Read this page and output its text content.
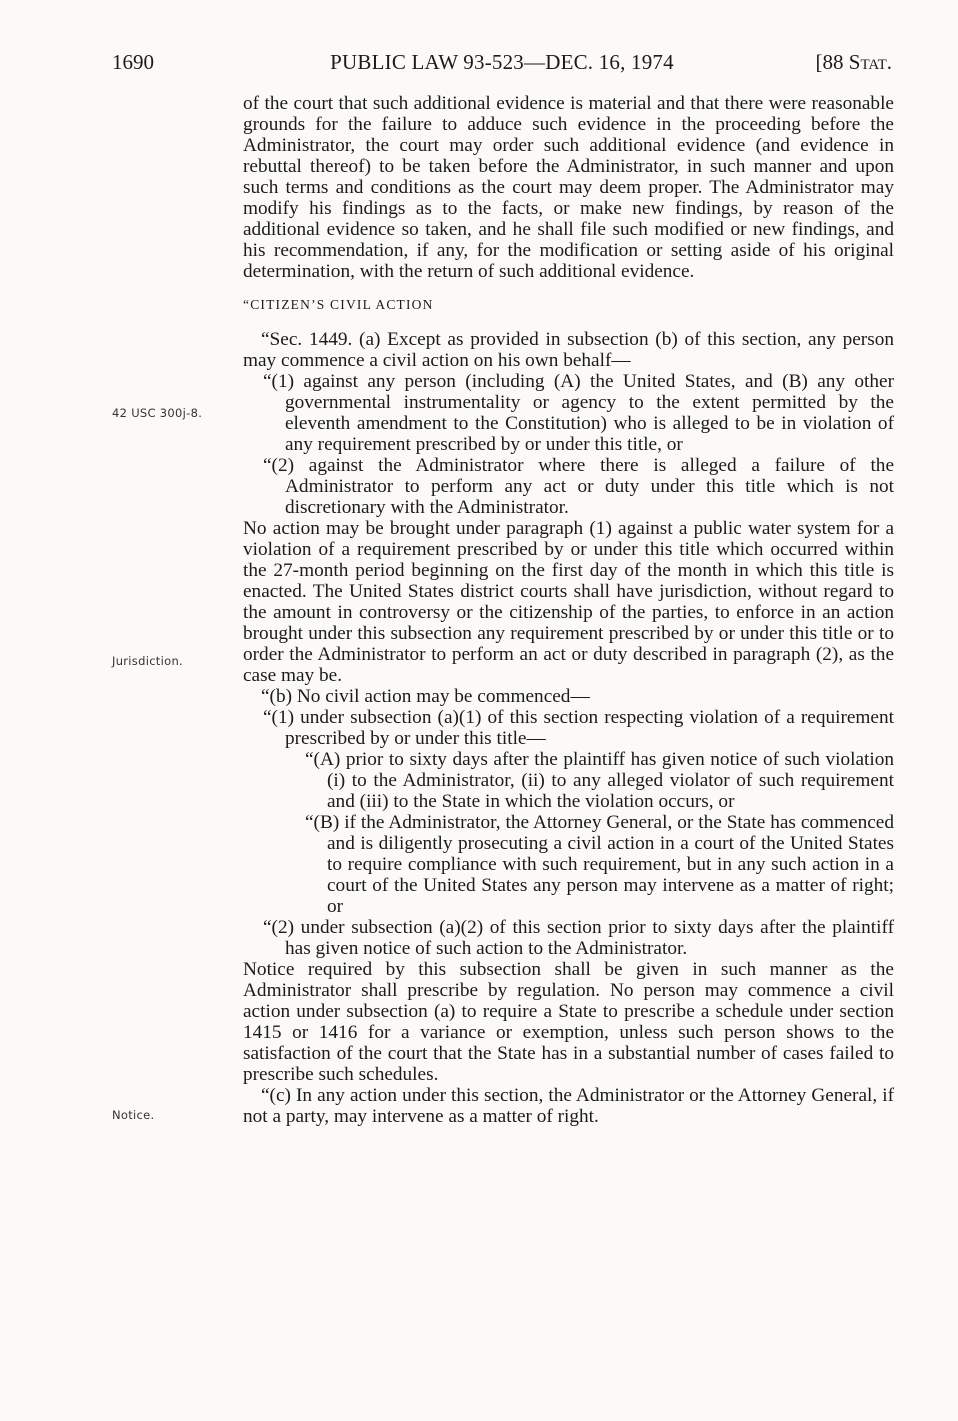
1690	PUBLIC LAW 93-523—DEC. 16, 1974	[88 Stat.
42 USC 300j-8.
Jurisdiction.
Notice.

of the court that such additional evidence is material and that there were reasonable grounds for the failure to adduce such evidence in the proceeding before the Administrator, the court may order such additional evidence (and evidence in rebuttal thereof) to be taken before the Administrator, in such manner and upon such terms and conditions as the court may deem proper. The Administrator may modify his findings as to the facts, or make new findings, by reason of the additional evidence so taken, and he shall file such modified or new findings, and his recommendation, if any, for the modification or setting aside of his original determination, with the return of such additional evidence.

“CITIZEN’S CIVIL ACTION

“Sec. 1449. (a) Except as provided in subsection (b) of this section, any person may commence a civil action on his own behalf—

“(1) against any person (including (A) the United States, and (B) any other governmental instrumentality or agency to the extent permitted by the eleventh amendment to the Constitution) who is alleged to be in violation of any requirement prescribed by or under this title, or

“(2) against the Administrator where there is alleged a failure of the Administrator to perform any act or duty under this title which is not discretionary with the Administrator.

No action may be brought under paragraph (1) against a public water system for a violation of a requirement prescribed by or under this title which occurred within the 27-month period beginning on the first day of the month in which this title is enacted. The United States district courts shall have jurisdiction, without regard to the amount in controversy or the citizenship of the parties, to enforce in an action brought under this subsection any requirement prescribed by or under this title or to order the Administrator to perform an act or duty described in paragraph (2), as the case may be.

“(b) No civil action may be commenced—

“(1) under subsection (a)(1) of this section respecting violation of a requirement prescribed by or under this title—

“(A) prior to sixty days after the plaintiff has given notice of such violation (i) to the Administrator, (ii) to any alleged violator of such requirement and (iii) to the State in which the violation occurs, or

“(B) if the Administrator, the Attorney General, or the State has commenced and is diligently prosecuting a civil action in a court of the United States to require compliance with such requirement, but in any such action in a court of the United States any person may intervene as a matter of right; or

“(2) under subsection (a)(2) of this section prior to sixty days after the plaintiff has given notice of such action to the Administrator.

Notice required by this subsection shall be given in such manner as the Administrator shall prescribe by regulation. No person may commence a civil action under subsection (a) to require a State to prescribe a schedule under section 1415 or 1416 for a variance or exemption, unless such person shows to the satisfaction of the court that the State has in a substantial number of cases failed to prescribe such schedules.

“(c) In any action under this section, the Administrator or the Attorney General, if not a party, may intervene as a matter of right.
